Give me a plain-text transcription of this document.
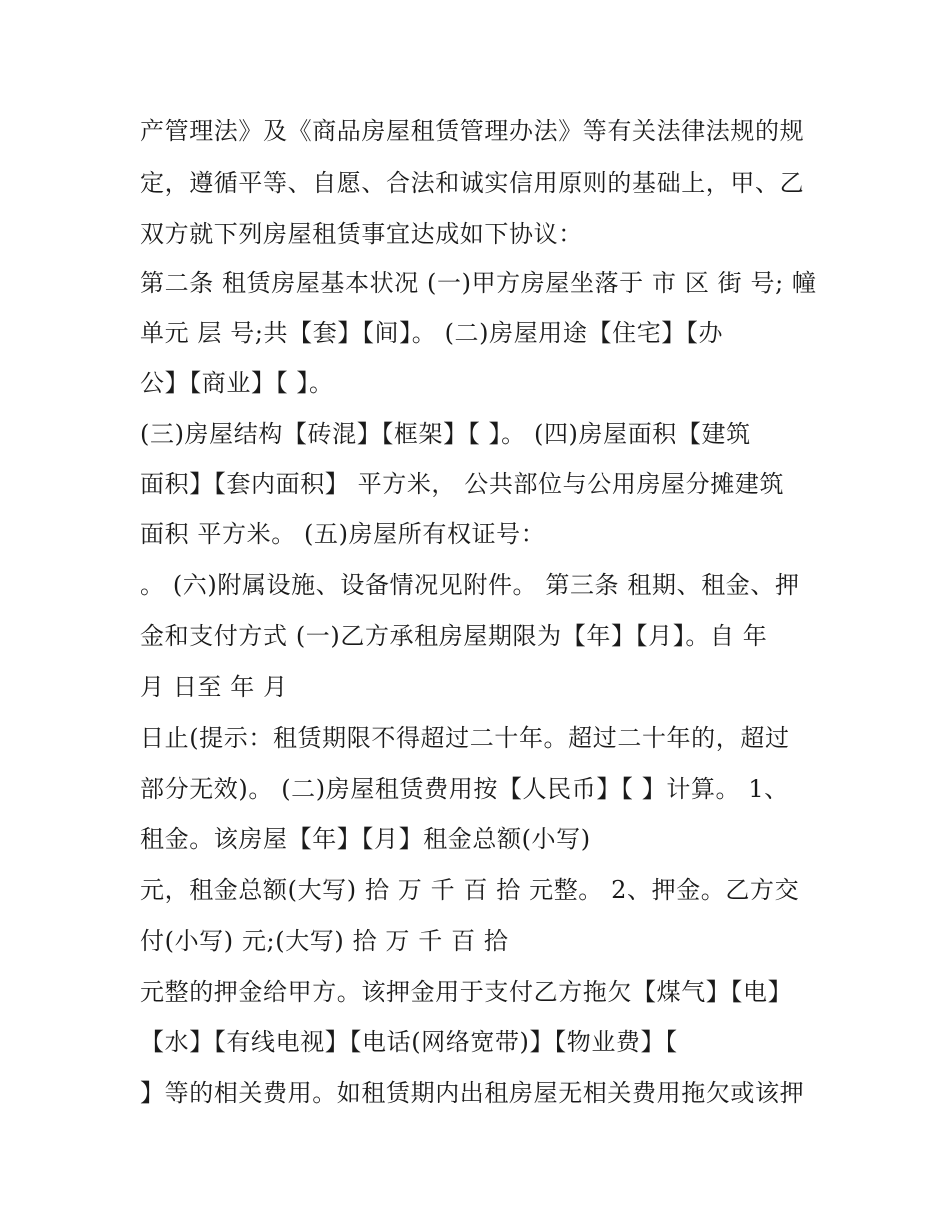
产管理法》及《商品房屋租赁管理办法》等有关法律法规的规
定，遵循平等、自愿、合法和诚实信用原则的基础上，甲、乙
双方就下列房屋租赁事宜达成如下协议：
第二条 租赁房屋基本状况 (一)甲方房屋坐落于 市 区 街 号; 幢
单元 层 号;共【套】【间】。 (二)房屋用途【住宅】【办
公】【商业】【 】。
(三)房屋结构【砖混】【框架】【 】。 (四)房屋面积【建筑
面积】【套内面积】 平方米， 公共部位与公用房屋分摊建筑
面积 平方米。 (五)房屋所有权证号：
。 (六)附属设施、设备情况见附件。 第三条 租期、租金、押
金和支付方式 (一)乙方承租房屋期限为【年】【月】。自 年
月 日至 年 月
日止(提示：租赁期限不得超过二十年。超过二十年的，超过
部分无效)。 (二)房屋租赁费用按【人民币】【 】计算。 1、
租金。该房屋【年】【月】租金总额(小写)
元，租金总额(大写) 拾 万 千 百 拾 元整。 2、押金。乙方交
付(小写) 元;(大写) 拾 万 千 百 拾
元整的押金给甲方。该押金用于支付乙方拖欠【煤气】【电】
【水】【有线电视】【电话(网络宽带)】【物业费】【
】等的相关费用。如租赁期内出租房屋无相关费用拖欠或该押
